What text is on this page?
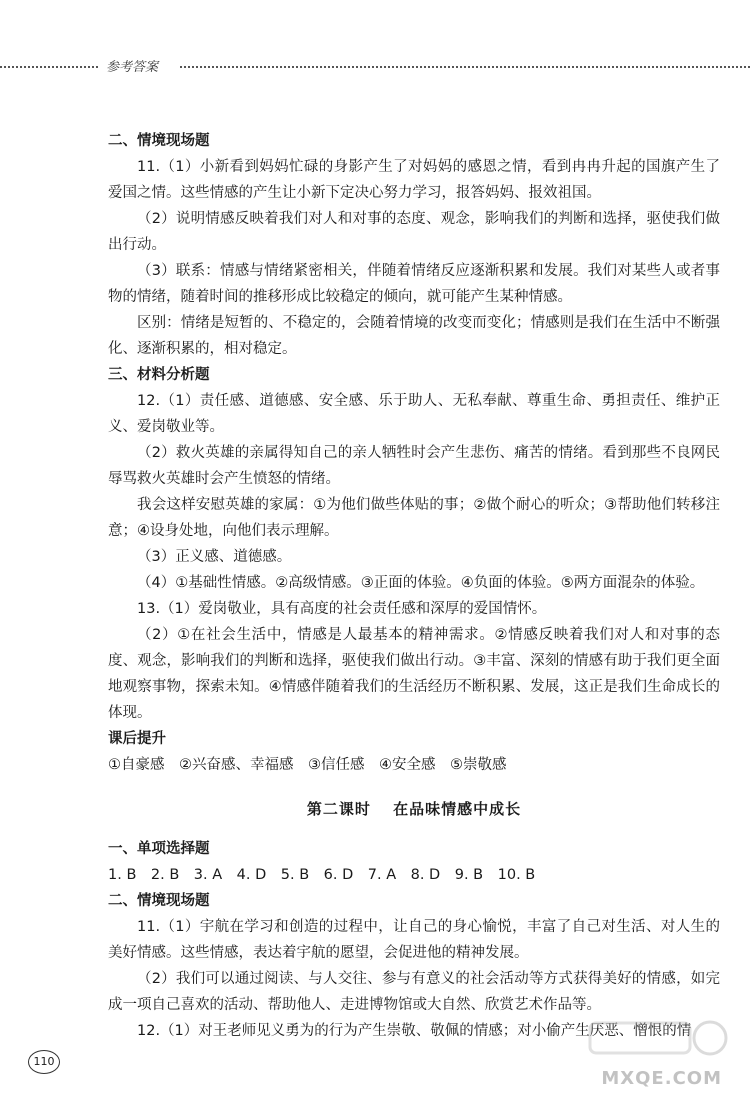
参考答案

二、情境现场题

11.（1）小新看到妈妈忙碌的身影产生了对妈妈的感恩之情，看到冉冉升起的国旗产生了爱国之情。这些情感的产生让小新下定决心努力学习，报答妈妈、报效祖国。

（2）说明情感反映着我们对人和对事的态度、观念，影响我们的判断和选择，驱使我们做出行动。

（3）联系：情感与情绪紧密相关，伴随着情绪反应逐渐积累和发展。我们对某些人或者事物的情绪，随着时间的推移形成比较稳定的倾向，就可能产生某种情感。

区别：情绪是短暂的、不稳定的，会随着情境的改变而变化；情感则是我们在生活中不断强化、逐渐积累的，相对稳定。

三、材料分析题

12.（1）责任感、道德感、安全感、乐于助人、无私奉献、尊重生命、勇担责任、维护正义、爱岗敬业等。

（2）救火英雄的亲属得知自己的亲人牺牲时会产生悲伤、痛苦的情绪。看到那些不良网民辱骂救火英雄时会产生愤怒的情绪。

我会这样安慰英雄的家属：①为他们做些体贴的事；②做个耐心的听众；③帮助他们转移注意；④设身处地，向他们表示理解。

（3）正义感、道德感。

（4）①基础性情感。②高级情感。③正面的体验。④负面的体验。⑤两方面混杂的体验。

13.（1）爱岗敬业，具有高度的社会责任感和深厚的爱国情怀。

（2）①在社会生活中，情感是人最基本的精神需求。②情感反映着我们对人和对事的态度、观念，影响我们的判断和选择，驱使我们做出行动。③丰富、深刻的情感有助于我们更全面地观察事物，探索未知。④情感伴随着我们的生活经历不断积累、发展，这正是我们生命成长的体现。

课后提升

①自豪感　②兴奋感、幸福感　③信任感　④安全感　⑤崇敬感

第二课时 在品味情感中成长

一、单项选择题

1. B　2. B　3. A　4. D　5. B　6. D　7. A　8. D　9. B　10. B

二、情境现场题

11.（1）宇航在学习和创造的过程中，让自己的身心愉悦，丰富了自己对生活、对人生的美好情感。这些情感，表达着宇航的愿望，会促进他的精神发展。

（2）我们可以通过阅读、与人交往、参与有意义的社会活动等方式获得美好的情感，如完成一项自己喜欢的活动、帮助他人、走进博物馆或大自然、欣赏艺术作品等。

12.（1）对王老师见义勇为的行为产生崇敬、敬佩的情感；对小偷产生厌恶、憎恨的情

110
MXQE.COM
